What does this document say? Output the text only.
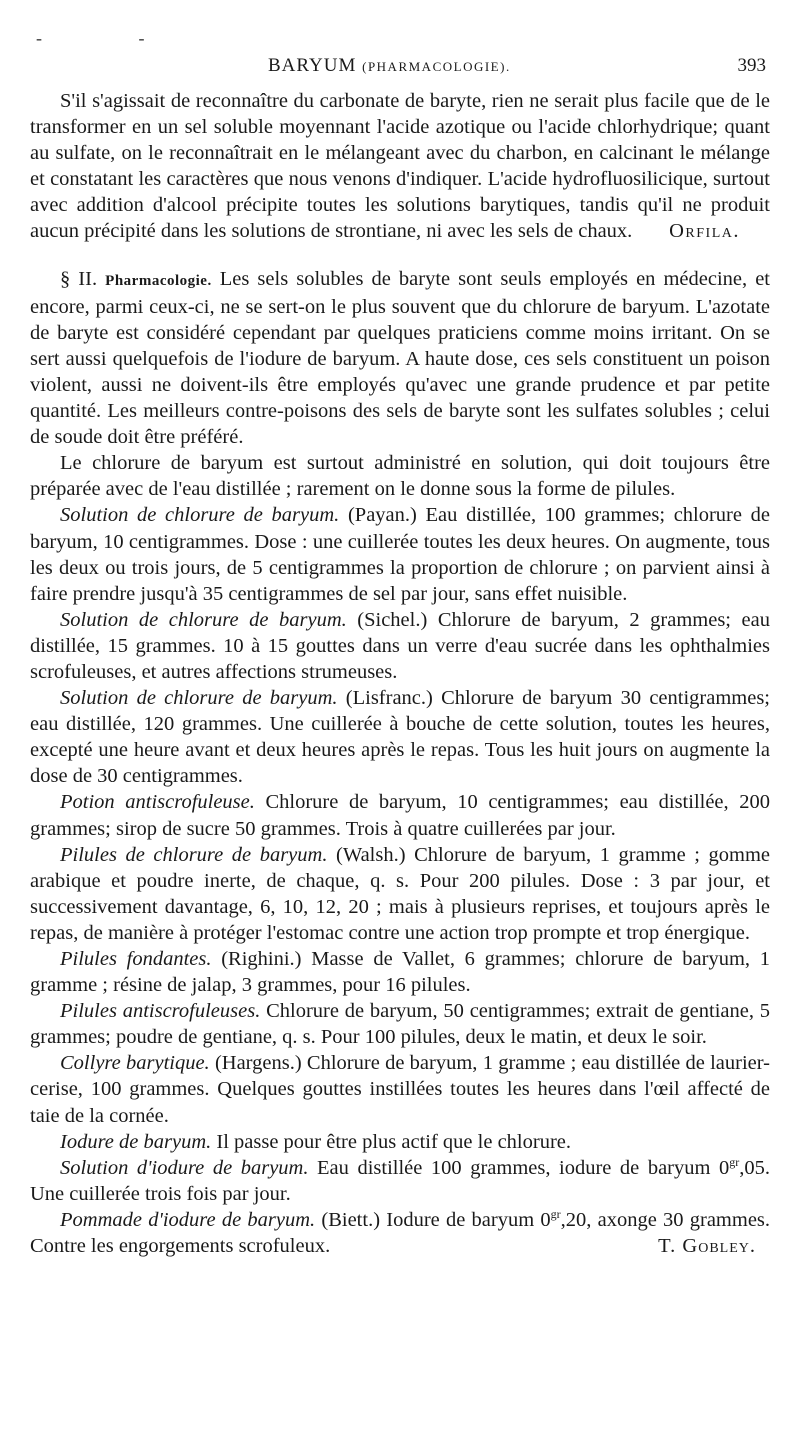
- -
BARYUM (PHARMACOLOGIE).	393

S'il s'agissait de reconnaître du carbonate de baryte, rien ne serait plus facile que de le transformer en un sel soluble moyennant l'acide azotique ou l'acide chlorhydrique; quant au sulfate, on le reconnaîtrait en le mélangeant avec du charbon, en calcinant le mélange et constatant les caractères que nous venons d'indiquer. L'acide hydrofluosilicique, surtout avec addition d'alcool précipite toutes les solutions barytiques, tandis qu'il ne produit aucun précipité dans les solutions de strontiane, ni avec les sels de chaux.	Orfila.

§ II. Pharmacologie. Les sels solubles de baryte sont seuls employés en médecine, et encore, parmi ceux-ci, ne se sert-on le plus souvent que du chlorure de baryum. L'azotate de baryte est considéré cependant par quelques praticiens comme moins irritant. On se sert aussi quelquefois de l'iodure de baryum. A haute dose, ces sels constituent un poison violent, aussi ne doivent-ils être employés qu'avec une grande prudence et par petite quantité. Les meilleurs contre-poisons des sels de baryte sont les sulfates solubles ; celui de soude doit être préféré.

Le chlorure de baryum est surtout administré en solution, qui doit toujours être préparée avec de l'eau distillée ; rarement on le donne sous la forme de pilules.

Solution de chlorure de baryum. (Payan.) Eau distillée, 100 grammes; chlorure de baryum, 10 centigrammes. Dose : une cuillerée toutes les deux heures. On augmente, tous les deux ou trois jours, de 5 centigrammes la proportion de chlorure ; on parvient ainsi à faire prendre jusqu'à 35 centigrammes de sel par jour, sans effet nuisible.

Solution de chlorure de baryum. (Sichel.) Chlorure de baryum, 2 grammes; eau distillée, 15 grammes. 10 à 15 gouttes dans un verre d'eau sucrée dans les ophthalmies scrofuleuses, et autres affections strumeuses.

Solution de chlorure de baryum. (Lisfranc.) Chlorure de baryum 30 centigrammes; eau distillée, 120 grammes. Une cuillerée à bouche de cette solution, toutes les heures, excepté une heure avant et deux heures après le repas. Tous les huit jours on augmente la dose de 30 centigrammes.

Potion antiscrofuleuse. Chlorure de baryum, 10 centigrammes; eau distillée, 200 grammes; sirop de sucre 50 grammes. Trois à quatre cuillerées par jour.

Pilules de chlorure de baryum. (Walsh.) Chlorure de baryum, 1 gramme ; gomme arabique et poudre inerte, de chaque, q. s. Pour 200 pilules. Dose : 3 par jour, et successivement davantage, 6, 10, 12, 20 ; mais à plusieurs reprises, et toujours après le repas, de manière à protéger l'estomac contre une action trop prompte et trop énergique.

Pilules fondantes. (Righini.) Masse de Vallet, 6 grammes; chlorure de baryum, 1 gramme ; résine de jalap, 3 grammes, pour 16 pilules.

Pilules antiscrofuleuses. Chlorure de baryum, 50 centigrammes; extrait de gentiane, 5 grammes; poudre de gentiane, q. s. Pour 100 pilules, deux le matin, et deux le soir.

Collyre barytique. (Hargens.) Chlorure de baryum, 1 gramme ; eau distillée de laurier-cerise, 100 grammes. Quelques gouttes instillées toutes les heures dans l'œil affecté de taie de la cornée.

Iodure de baryum. Il passe pour être plus actif que le chlorure.

Solution d'iodure de baryum. Eau distillée 100 grammes, iodure de baryum $0^{gr},05$. Une cuillerée trois fois par jour.

Pommade d'iodure de baryum. (Biett.) Iodure de baryum $0^{gr},20$, axonge 30 grammes. Contre les engorgements scrofuleux.	T. Gobley.
